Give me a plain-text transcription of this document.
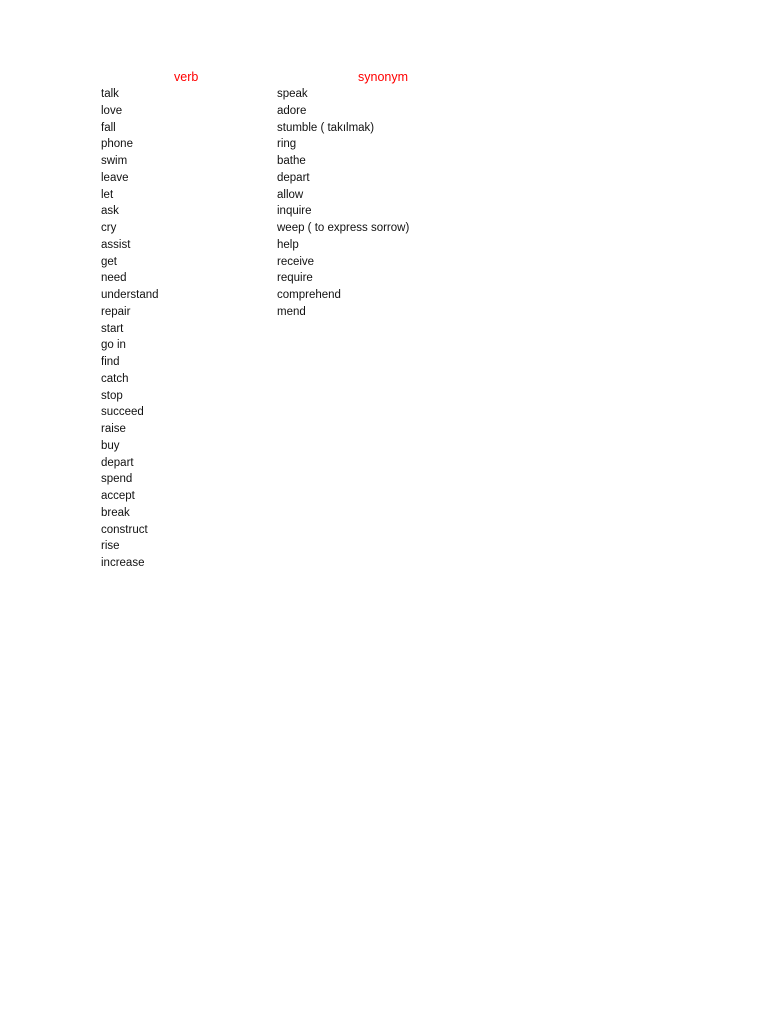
verb	synonym
talk
love
fall
phone
swim
leave
let
ask
cry
assist
get
need
understand
repair
start
go in
find
catch
stop
succeed
raise
buy
depart
spend
accept
break
construct
rise
increase
speak
adore
stumble ( takılmak)
ring
bathe
depart
allow
inquire
weep ( to express sorrow)
help
receive
require
comprehend
mend
